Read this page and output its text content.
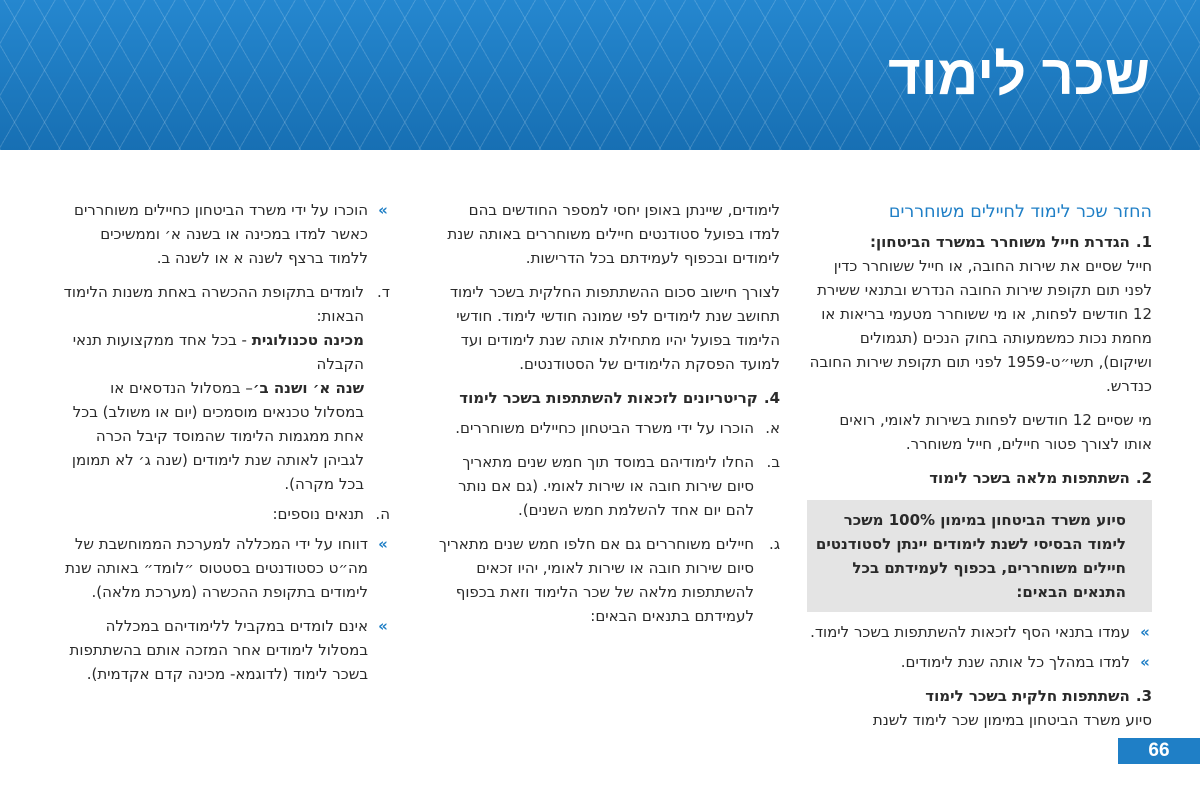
שכר לימוד

החזר שכר לימוד לחיילים משוחררים

1.
הגדרת חייל משוחרר במשרד הביטחון:

חייל שסיים את שירות החובה, או חייל ששוחרר כדין לפני תום תקופת שירות החובה הנדרש ובתנאי ששירת 12 חודשים לפחות, או מי ששוחרר מטעמי בריאות או מחמת נכות כמשמעותה בחוק הנכים (תגמולים ושיקום), תשי״ט-1959 לפני תום תקופת שירות החובה כנדרש.

מי שסיים 12 חודשים לפחות בשירות לאומי, רואים אותו לצורך פטור חיילים, חייל משוחרר.

2.
השתתפות מלאה בשכר לימוד
סיוע משרד הביטחון במימון 100% משכר לימוד הבסיסי לשנת לימודים יינתן לסטודנטים חיילים משוחררים, בכפוף לעמידתם בכל התנאים הבאים:
»
עמדו בתנאי הסף לזכאות להשתתפות בשכר לימוד.
»
למדו במהלך כל אותה שנת לימודים.
3.
השתתפות חלקית בשכר לימוד

סיוע משרד הביטחון במימון שכר לימוד לשנת

לימודים, שיינתן באופן יחסי למספר החודשים בהם למדו בפועל סטודנטים חיילים משוחררים באותה שנת לימודים ובכפוף לעמידתם בכל הדרישות.

לצורך חישוב סכום ההשתתפות החלקית בשכר לימוד תחושב שנת לימודים לפי שמונה חודשי לימוד. חודשי הלימוד בפועל יהיו מתחילת אותה שנת לימודים ועד למועד הפסקת הלימודים של הסטודנטים.

4.
קריטריונים לזכאות להשתתפות בשכר לימוד
א.
הוכרו על ידי משרד הביטחון כחיילים משוחררים.
ב.
החלו לימודיהם במוסד תוך חמש שנים מתאריך סיום שירות חובה או שירות לאומי. (גם אם נותר להם יום אחד להשלמת חמש השנים).
ג.
חיילים משוחררים גם אם חלפו חמש שנים מתאריך סיום שירות חובה או שירות לאומי, יהיו זכאים להשתתפות מלאה של שכר הלימוד וזאת בכפוף לעמידתם בתנאים הבאים:
»
הוכרו על ידי משרד הביטחון כחיילים משוחררים כאשר למדו במכינה או בשנה א׳ וממשיכים ללמוד ברצף לשנה א או לשנה ב.
ד.

לומדים בתקופת ההכשרה באחת משנות הלימוד הבאות:

מכינה טכנולוגית - בכל אחד ממקצועות תנאי הקבלה

שנה א׳ ושנה ב׳– במסלול הנדסאים או במסלול טכנאים מוסמכים (יום או משולב) בכל אחת ממגמות הלימוד שהמוסד קיבל הכרה לגביהן לאותה שנת לימודים (שנה ג׳ לא תמומן בכל מקרה).

ה.
תנאים נוספים:
»
דווחו על ידי המכללה למערכת הממוחשבת של מה״ט כסטודנטים בסטטוס ״לומד״ באותה שנת לימודים בתקופת ההכשרה (מערכת מלאה).
»
אינם לומדים במקביל ללימודיהם במכללה במסלול לימודים אחר המזכה אותם בהשתתפות בשכר לימוד (לדוגמא- מכינה קדם אקדמית).
66
